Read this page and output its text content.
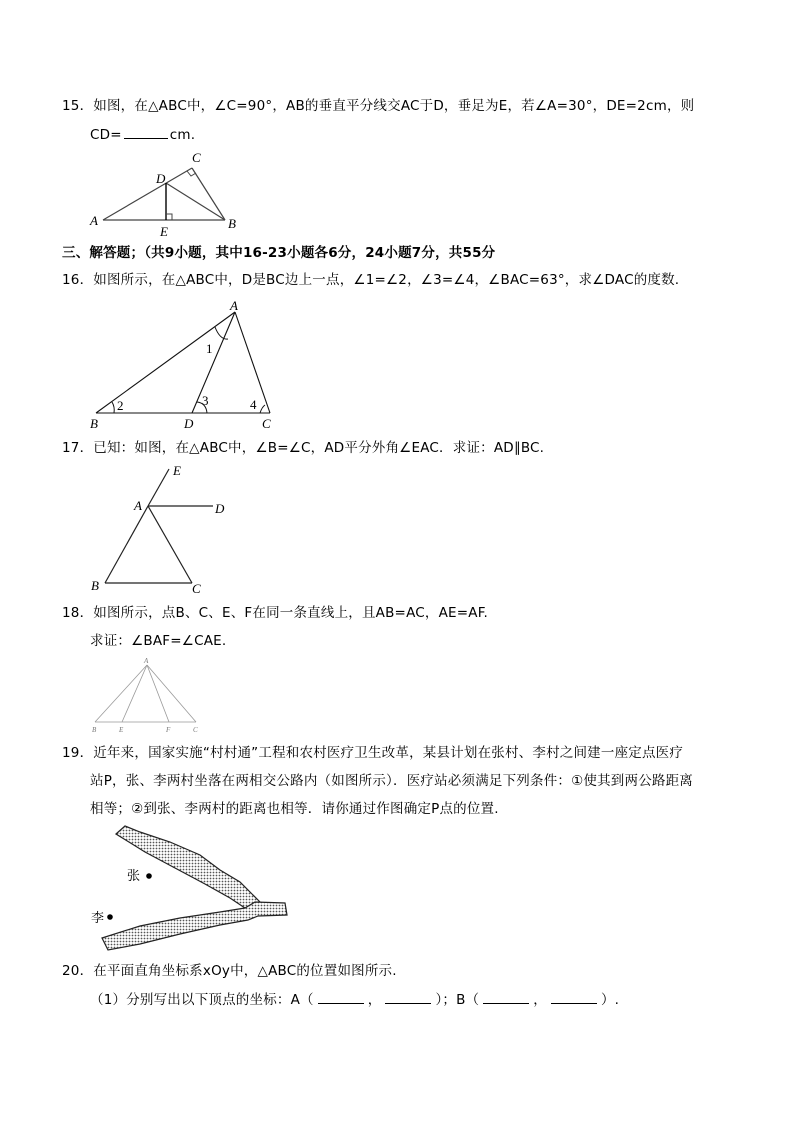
15．如图，在△ABC中，∠C=90°，AB的垂直平分线交AC于D，垂足为E，若∠A=30°，DE=2cm，则
CD=	cm.
A	B
C
D
E
三、解答题；（共9小题，其中16-23小题各6分，24小题7分，共55分
16．如图所示，在△ABC中，D是BC边上一点，∠1=∠2，∠3=∠4，∠BAC=63°，求∠DAC的度数.
A
B	C
D
1
2	3	4
17．已知：如图，在△ABC中，∠B=∠C，AD平分外角∠EAC．求证：AD∥BC.
E
A	D
B	C
18．如图所示，点B、C、E、F在同一条直线上，且AB=AC，AE=AF.
求证：∠BAF=∠CAE.
A
B	E	F	C
19．近年来，国家实施“村村通”工程和农村医疗卫生改革，某县计划在张村、李村之间建一座定点医疗
站P，张、李两村坐落在两相交公路内（如图所示）．医疗站必须满足下列条件：①使其到两公路距离
相等；②到张、李两村的距离也相等．请你通过作图确定P点的位置.
张
李
20．在平面直角坐标系xOy中，△ABC的位置如图所示.
（1）分别写出以下顶点的坐标：A（	，	）；B（	，	）.
